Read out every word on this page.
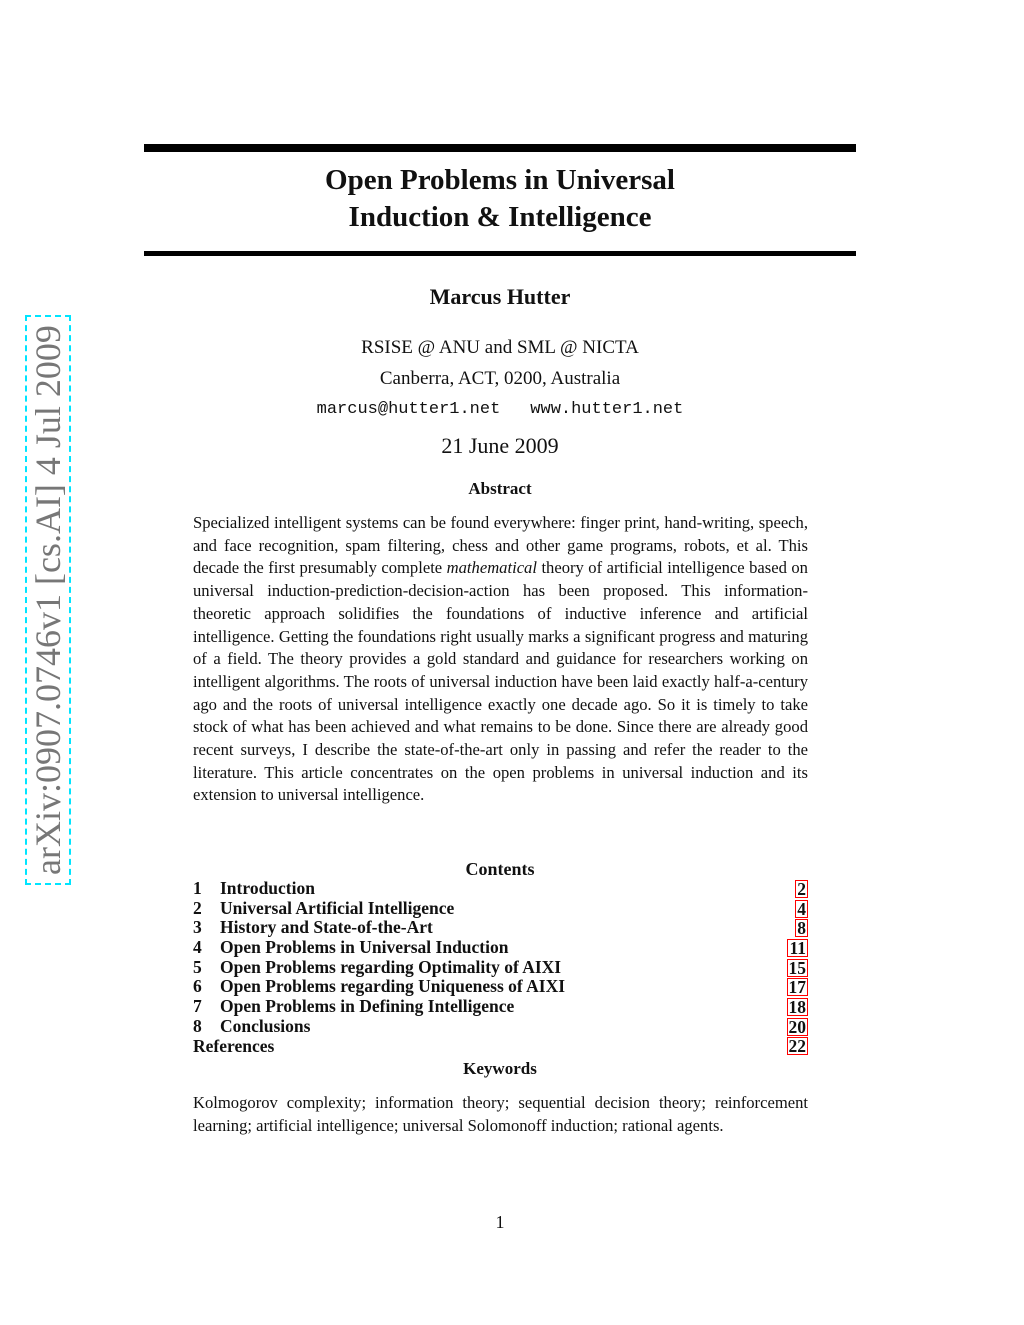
Open Problems in Universal
Induction & Intelligence
Marcus Hutter
RSISE @ ANU and SML @ NICTA
Canberra, ACT, 0200, Australia
marcus@hutter1.net www.hutter1.net
21 June 2009
Abstract
Specialized intelligent systems can be found everywhere: finger print, hand-writing, speech, and face recognition, spam filtering, chess and other game programs, robots, et al. This decade the first presumably complete mathematical theory of artificial intelligence based on universal induction-prediction-decision-action has been proposed. This information-theoretic approach solidifies the foundations of inductive inference and artificial intelligence. Getting the foundations right usually marks a significant progress and maturing of a field. The theory provides a gold standard and guidance for researchers working on intelligent algorithms. The roots of universal induction have been laid exactly half-a-century ago and the roots of universal intelligence exactly one decade ago. So it is timely to take stock of what has been achieved and what remains to be done. Since there are already good recent surveys, I describe the state-of-the-art only in passing and refer the reader to the literature. This article concentrates on the open problems in universal induction and its extension to universal intelligence.
Contents
1 Introduction	2
2 Universal Artificial Intelligence	4
3 History and State-of-the-Art	8
4 Open Problems in Universal Induction	11
5 Open Problems regarding Optimality of AIXI	15
6 Open Problems regarding Uniqueness of AIXI	17
7 Open Problems in Defining Intelligence	18
8 Conclusions	20
References	22
Keywords
Kolmogorov complexity; information theory; sequential decision theory; reinforcement learning; artificial intelligence; universal Solomonoff induction; rational agents.
arXiv:0907.0746v1 [cs.AI] 4 Jul 2009
1
